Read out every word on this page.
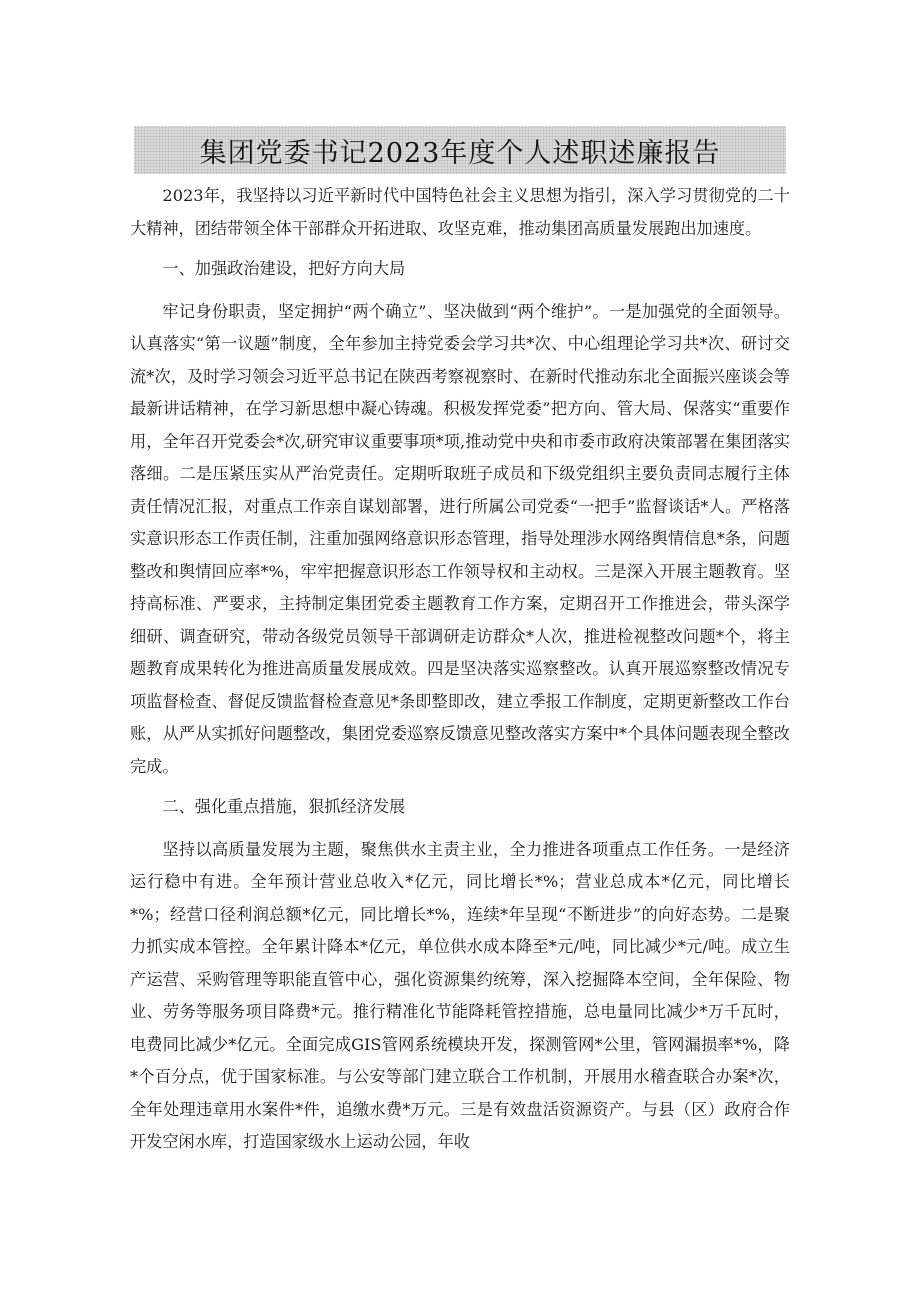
集团党委书记2023年度个人述职述廉报告

2023年，我坚持以习近平新时代中国特色社会主义思想为指引，深入学习贯彻党的二十大精神，团结带领全体干部群众开拓进取、攻坚克难，推动集团高质量发展跑出加速度。

一、加强政治建设，把好方向大局

牢记身份职责，坚定拥护“两个确立”、坚决做到“两个维护”。一是加强党的全面领导。认真落实“第一议题”制度，全年参加主持党委会学习共*次、中心组理论学习共*次、研讨交流*次，及时学习领会习近平总书记在陕西考察视察时、在新时代推动东北全面振兴座谈会等最新讲话精神，在学习新思想中凝心铸魂。积极发挥党委”把方向、管大局、保落实“重要作用，全年召开党委会*次,研究审议重要事项*项,推动党中央和市委市政府决策部署在集团落实落细。二是压紧压实从严治党责任。定期听取班子成员和下级党组织主要负责同志履行主体责任情况汇报，对重点工作亲自谋划部署，进行所属公司党委“一把手”监督谈话*人。严格落实意识形态工作责任制，注重加强网络意识形态管理，指导处理涉水网络舆情信息*条，问题整改和舆情回应率*%，牢牢把握意识形态工作领导权和主动权。三是深入开展主题教育。坚持高标准、严要求，主持制定集团党委主题教育工作方案，定期召开工作推进会，带头深学细研、调查研究，带动各级党员领导干部调研走访群众*人次，推进检视整改问题*个，将主题教育成果转化为推进高质量发展成效。四是坚决落实巡察整改。认真开展巡察整改情况专项监督检查、督促反馈监督检查意见*条即整即改，建立季报工作制度，定期更新整改工作台账，从严从实抓好问题整改，集团党委巡察反馈意见整改落实方案中*个具体问题表现全整改完成。

二、强化重点措施，狠抓经济发展

坚持以高质量发展为主题，聚焦供水主责主业，全力推进各项重点工作任务。一是经济运行稳中有进。全年预计营业总收入*亿元，同比增长*%；营业总成本*亿元，同比增长*%；经营口径利润总额*亿元，同比增长*%，连续*年呈现“不断进步”的向好态势。二是聚力抓实成本管控。全年累计降本*亿元，单位供水成本降至*元/吨，同比减少*元/吨。成立生产运营、采购管理等职能直管中心，强化资源集约统筹，深入挖掘降本空间，全年保险、物业、劳务等服务项目降费*元。推行精准化节能降耗管控措施，总电量同比减少*万千瓦时，电费同比减少*亿元。全面完成GIS管网系统模块开发，探测管网*公里，管网漏损率*%，降*个百分点，优于国家标准。与公安等部门建立联合工作机制，开展用水稽查联合办案*次，全年处理违章用水案件*件，追缴水费*万元。三是有效盘活资源资产。与县（区）政府合作开发空闲水库，打造国家级水上运动公园，年收
